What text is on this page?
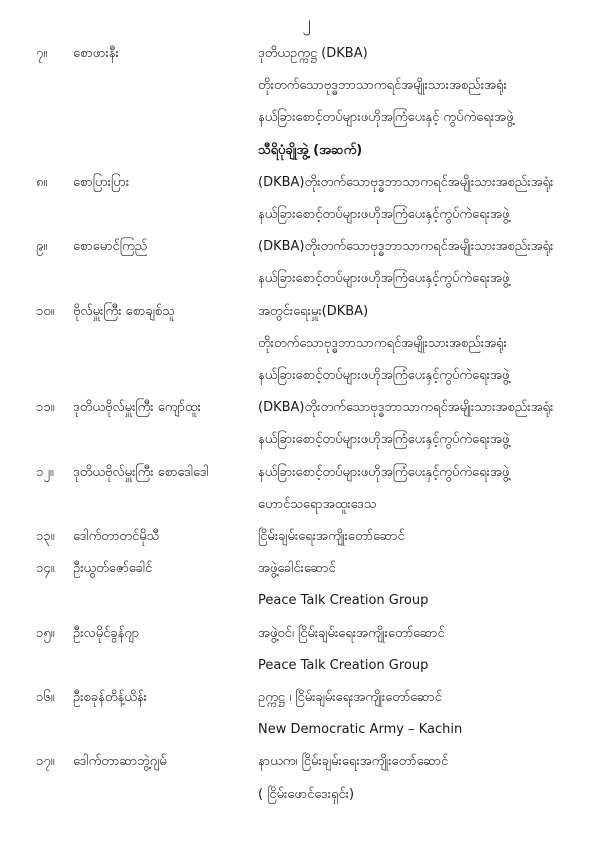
၂
၇။ စောဖားနီး	ဒုတိယဥက္ကဋ္ဌ (DKBA)
တိုးတက်သောဗုဒ္ဓဘာသာကရင်အမျိုးသားအစည်းအရုံး
နယ်ခြားစောင့်တပ်များဖဟိုအကြံပေးနှင့် ကွပ်ကဲရေးအဖွဲ့
သီရိပုံချိုအွဲ့ (အဆက်)
၈။ စောပြားပြား	(DKBA)တိုးတက်သောဗုဒ္ဓဘာသာကရင်အမျိုးသားအစည်းအရုံး
နယ်ခြားစောင့်တပ်များဖဟိုအကြံပေးနှင့်ကွပ်ကဲရေးအဖွဲ့
၉။ စောမောင်ကြည်	(DKBA)တိုးတက်သောဗုဒ္ဓဘာသာကရင်အမျိုးသားအစည်းအရုံး
နယ်ခြားစောင့်တပ်များဖဟိုအကြံပေးနှင့်ကွပ်ကဲရေးအဖွဲ့
၁၀။ ဗိုလ်မှူးကြီး စောချစ်သူ	အတွင်းရေးမှူး(DKBA)
တိုးတက်သောဗုဒ္ဓဘာသာကရင်အမျိုးသားအစည်းအရုံး
နယ်ခြားစောင့်တပ်များဖဟိုအကြံပေးနှင့်ကွပ်ကဲရေးအဖွဲ့
၁၁။ ဒုတိယဗိုလ်မှူးကြီး ကျော်ထူး	(DKBA)တိုးတက်သောဗုဒ္ဓဘာသာကရင်အမျိုးသားအစည်းအရုံး
နယ်ခြားစောင့်တပ်များဖဟိုအကြံပေးနှင့်ကွပ်ကဲရေးအဖွဲ့
၁၂။ ဒုတိယဗိုလ်မှူးကြီး စောဒေါဒေါ	နယ်ခြားစောင့်တပ်များဖဟိုအကြံပေးနှင့်ကွပ်ကဲရေးအဖွဲ့
ဟောင်သရောအထူးဒေသ
၁၃။ ဒေါက်တာတင်မိုသီ	ငြိမ်းချမ်းရေးအကျိုးတော်ဆောင်
၁၄။ ဦးယွတ်ဇော်ခေါင်	အဖွဲ့ခေါင်းဆောင်
Peace Talk Creation Group
၁၅။ ဦးလမိုင်ခွန်ဂျာ	အဖွဲ့ဝင်၊ ငြိမ်းချမ်းရေးအကျိုးတော်ဆောင်
Peace Talk Creation Group
၁၆။ ဦးစခုန်တိန့်ယိန်း	ဥက္ကဋ္ဌ ၊ ငြိမ်းချမ်းရေးအကျိုးတော်ဆောင်
New Democratic Army – Kachin
၁၇။ ဒေါက်တာဆာဘွဲ့ဂျမ်	နာယက၊ ငြိမ်းချမ်းရေးအကျိုးတော်ဆောင်
( ငြိမ်းဖောင်ဒေးရှင်း)
